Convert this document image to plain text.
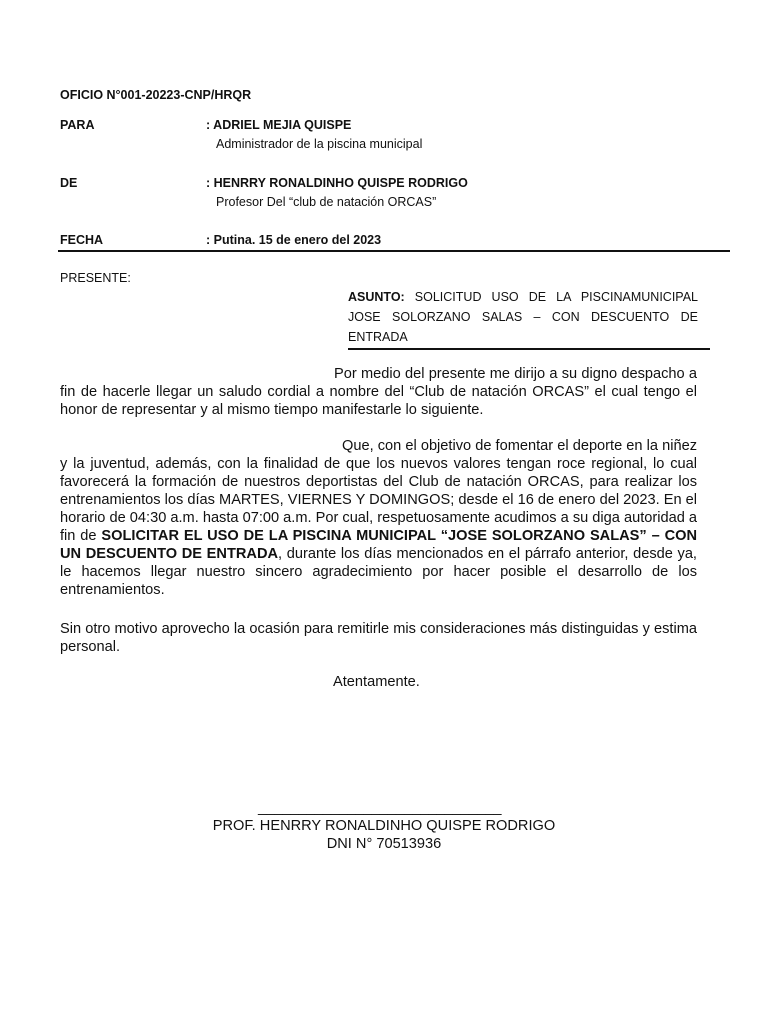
OFICIO N°001-20223-CNP/HRQR
PARA	: ADRIEL MEJIA QUISPE
Administrador de la piscina municipal
DE	: HENRRY RONALDINHO QUISPE RODRIGO
Profesor Del “club de natación ORCAS”
FECHA	: Putina. 15 de enero del 2023
PRESENTE:
ASUNTO: SOLICITUD USO DE LA PISCINAMUNICIPAL JOSE SOLORZANO SALAS – CON DESCUENTO DE ENTRADA
Por medio del presente me dirijo a su digno despacho a fin de hacerle llegar un saludo cordial a nombre del “Club de natación ORCAS” el cual tengo el honor de representar y al mismo tiempo manifestarle lo siguiente.
Que, con el objetivo de fomentar el deporte en la niñez y la juventud, además, con la finalidad de que los nuevos valores tengan roce regional, lo cual favorecerá la formación de nuestros deportistas del Club de natación ORCAS, para realizar los entrenamientos los días MARTES, VIERNES Y DOMINGOS; desde el 16 de enero del 2023. En el horario de 04:30 a.m. hasta 07:00 a.m. Por cual, respetuosamente acudimos a su diga autoridad a fin de SOLICITAR EL USO DE LA PISCINA MUNICIPAL “JOSE SOLORZANO SALAS” – CON UN DESCUENTO DE ENTRADA, durante los días mencionados en el párrafo anterior, desde ya, le hacemos llegar nuestro sincero agradecimiento por hacer posible el desarrollo de los entrenamientos.
Sin otro motivo aprovecho la ocasión para remitirle mis consideraciones más distinguidas y estima personal.
Atentamente.
______________________________
PROF. HENRRY RONALDINHO QUISPE RODRIGO
DNI N° 70513936
